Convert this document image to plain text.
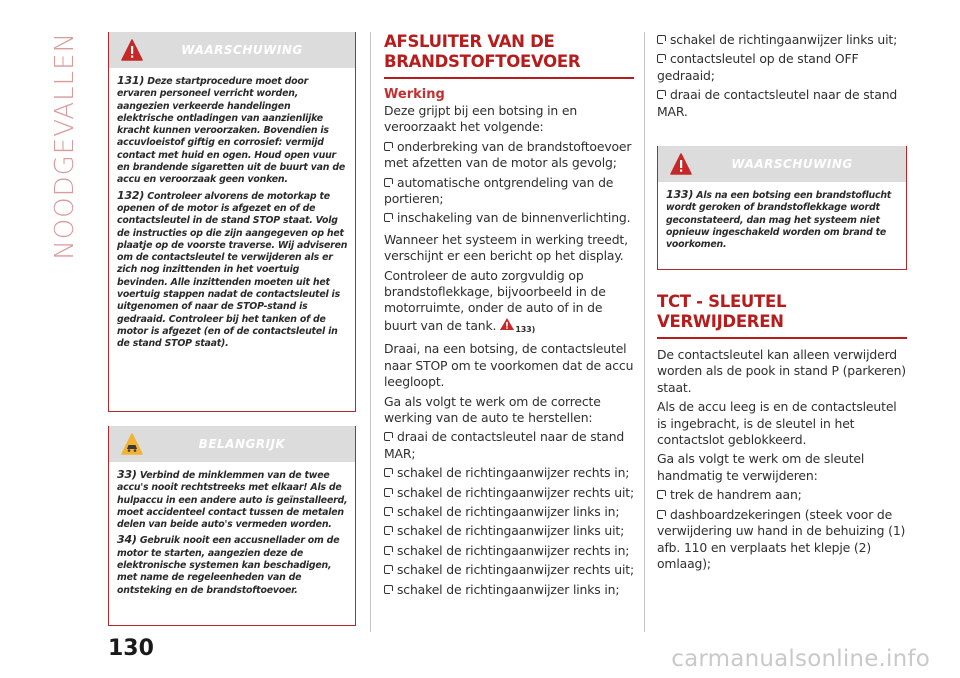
NOODGEVALLEN	WAARSCHUWING

131) Deze startprocedure moet door ervaren personeel verricht worden, aangezien verkeerde handelingen elektrische ontladingen van aanzienlijke kracht kunnen veroorzaken. Bovendien is accuvloeistof giftig en corrosief: vermijd contact met huid en ogen. Houd open vuur en brandende sigaretten uit de buurt van de accu en veroorzaak geen vonken.

132) Controleer alvorens de motorkap te openen of de motor is afgezet en of de contactsleutel in de stand STOP staat. Volg de instructies op die zijn aangegeven op het plaatje op de voorste traverse. Wij adviseren om de contactsleutel te verwijderen als er zich nog inzittenden in het voertuig bevinden. Alle inzittenden moeten uit het voertuig stappen nadat de contactsleutel is uitgenomen of naar de STOP-stand is gedraaid. Controleer bij het tanken of de motor is afgezet (en of de contactsleutel in de stand STOP staat).

BELANGRIJK

33) Verbind de minklemmen van de twee accu's nooit rechtstreeks met elkaar! Als de hulpaccu in een andere auto is geïnstalleerd, moet accidenteel contact tussen de metalen delen van beide auto's vermeden worden.

34) Gebruik nooit een accusnellader om de motor te starten, aangezien deze de elektronische systemen kan beschadigen, met name de regeleenheden van de ontsteking en de brandstoftoevoer.

AFSLUITER VAN DE BRANDSTOFTOEVOER
Werking

Deze grijpt bij een botsing in en veroorzaakt het volgende:

onderbreking van de brandstoftoevoer met afzetten van de motor als gevolg;
automatische ontgrendeling van de portieren;
inschakeling van de binnenverlichting.

Wanneer het systeem in werking treedt, verschijnt er een bericht op het display.

Controleer de auto zorgvuldig op brandstoflekkage, bijvoorbeeld in de motorruimte, onder de auto of in de buurt van de tank. 133)

Draai, na een botsing, de contactsleutel naar STOP om te voorkomen dat de accu leegloopt.

Ga als volgt te werk om de correcte werking van de auto te herstellen:

draai de contactsleutel naar de stand MAR;
schakel de richtingaanwijzer rechts in;
schakel de richtingaanwijzer rechts uit;
schakel de richtingaanwijzer links in;
schakel de richtingaanwijzer links uit;
schakel de richtingaanwijzer rechts in;
schakel de richtingaanwijzer rechts uit;
schakel de richtingaanwijzer links in;
schakel de richtingaanwijzer links uit;
contactsleutel op de stand OFF gedraaid;
draai de contactsleutel naar de stand MAR.
WAARSCHUWING

133) Als na een botsing een brandstoflucht wordt geroken of brandstoflekkage wordt geconstateerd, dan mag het systeem niet opnieuw ingeschakeld worden om brand te voorkomen.

TCT - SLEUTEL VERWIJDEREN

De contactsleutel kan alleen verwijderd worden als de pook in stand P (parkeren) staat.

Als de accu leeg is en de contactsleutel is ingebracht, is de sleutel in het contactslot geblokkeerd.

Ga als volgt te werk om de sleutel handmatig te verwijderen:

trek de handrem aan;
dashboardzekeringen (steek voor de verwijdering uw hand in de behuizing (1) afb. 110 en verplaats het klepje (2) omlaag);
130	carmanualsonline.info
